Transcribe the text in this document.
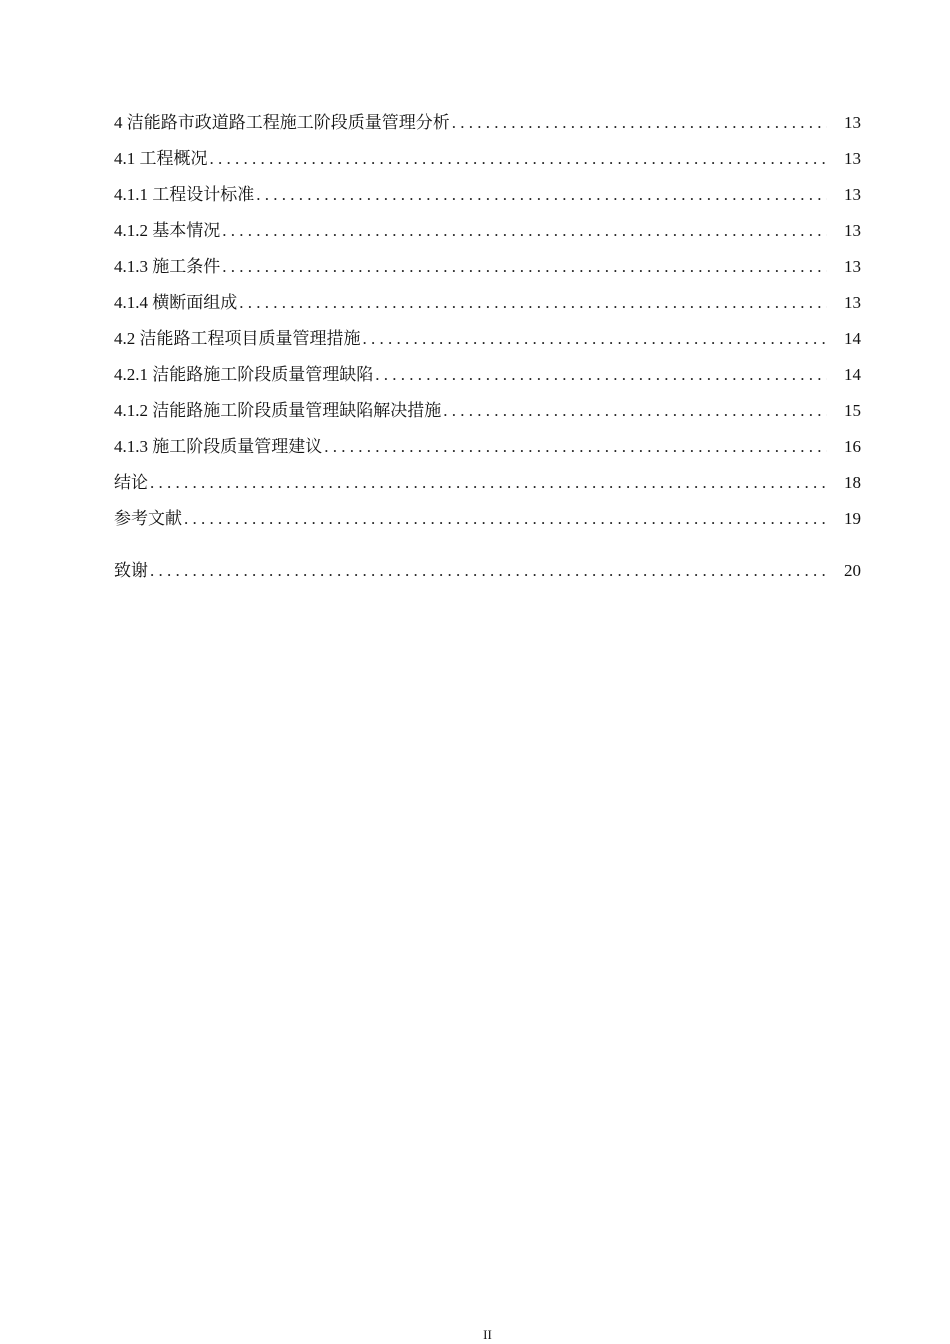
4 洁能路市政道路工程施工阶段质量管理分析 . . .	13
4.1 工程概况 . . .	13
4.1.1 工程设计标准 . . .	13
4.1.2 基本情况 . . .	13
4.1.3 施工条件 . . .	13
4.1.4 横断面组成 . . .	13
4.2 洁能路工程项目质量管理措施 . . .	14
4.2.1 洁能路施工阶段质量管理缺陷 . . .	14
4.1.2 洁能路施工阶段质量管理缺陷解决措施 . . .	15
4.1.3 施工阶段质量管理建议 . . .	16
结论 . . .	18
参考文献 . . .	19
致谢 . . .	20
II
